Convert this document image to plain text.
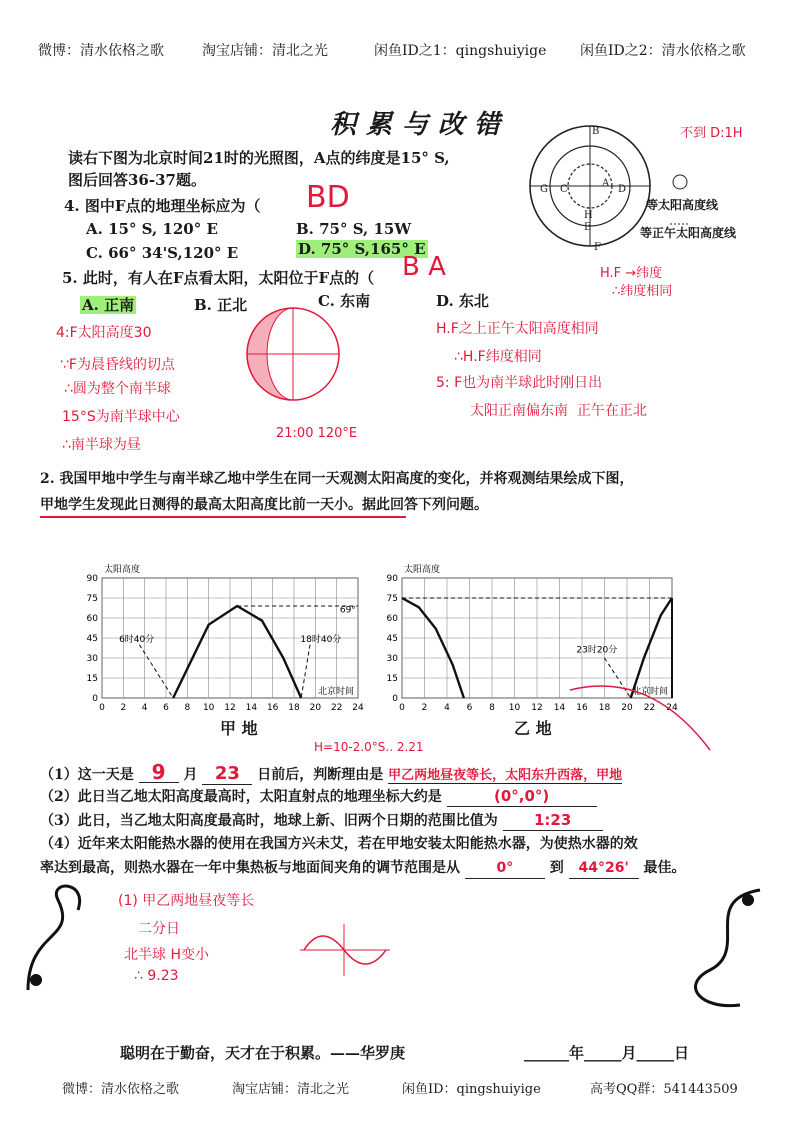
微博：清水依格之歌	淘宝店铺：清北之光	闲鱼ID之1：qingshuiyige 闲鱼ID之2：清水依格之歌
积累与改错	不到 D:1H
读右下图为北京时间21时的光照图，A点的纬度是15° S,
图后回答36-37题。
4. 图中F点的地理坐标应为（ BD
A. 15° S, 120° E	B. 75° S, 15W
C. 66° 34'S,120° E	D. 75° S,165° E
5. 此时，有人在F点看太阳，太阳位于F点的（ B A
A. 正南	B. 正北	C. 东南	D. 东北
B
A
C	D
H
E
F
G
等太阳高度线
等正午太阳高度线
H.F →纬度
∴纬度相同
4:F太阳高度30
∵F为晨昏线的切点
∴圆为整个南半球
15°S为南半球中心
∴南半球为昼
21:00 120°E
H.F之上正午太阳高度相同
∴H.F纬度相同
5: F也为南半球此时刚日出
太阳正南偏东南 正午在正北
2. 我国甲地中学生与南半球乙地中学生在同一天观测太阳高度的变化，并将观测结果绘成下图，
甲地学生发现此日测得的最高太阳高度比前一天小。据此回答下列问题。
0
15
30
45
60
75
90
0 2 4 6 8 10 12 14 16 18 20 22 24
太阳高度
北京时间
6时40分	18时40分
69°
0
15
30
45
60
75
90
0 2 4 6 8 10 12 14 16 18 20 22 24
太阳高度
北京时间
23时20分
甲 地	乙 地
H=10-2.0°S.. 2.21
（1）这一天是 9 月 23 日前后，判断理由是 甲乙两地昼夜等长，太阳东升西落，甲地
（2）此日当乙地太阳高度最高时，太阳直射点的地理坐标大约是	(0°,0°)
（3）此日，当乙地太阳高度最高时，地球上新、旧两个日期的范围比值为 1:23
（4）近年来太阳能热水器的使用在我国方兴未艾，若在甲地安装太阳能热水器，为使热水器的效
率达到最高，则热水器在一年中集热板与地面间夹角的调节范围是从	0°	到 44°26' 最佳。
(1) 甲乙两地昼夜等长
二分日
北半球 H变小
∴ 9.23
聪明在于勤奋，天才在于积累。——华罗庚	______年_____月_____日
微博：清水依格之歌	淘宝店铺：清北之光	闲鱼ID：qingshuiyige	高考QQ群：541443509
